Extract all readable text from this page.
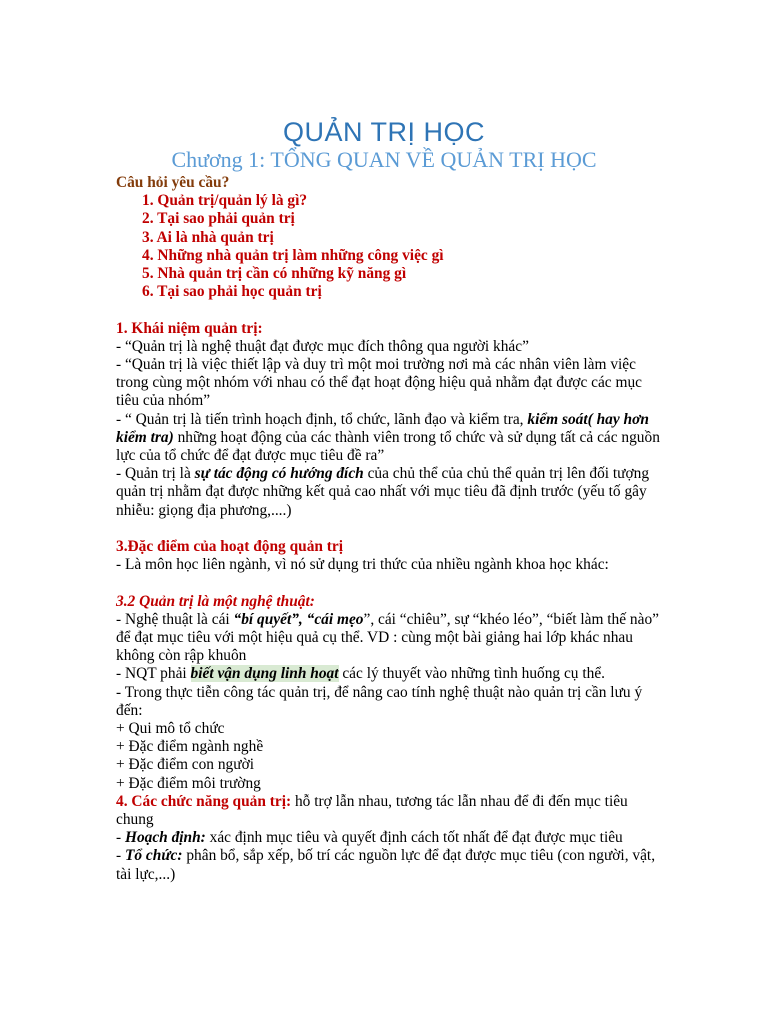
QUẢN TRỊ HỌC
Chương 1: TỔNG QUAN VỀ QUẢN TRỊ HỌC

Câu hỏi yêu cầu?

1. Quản trị/quản lý là gì?
2. Tại sao phải quản trị
3. Ai là nhà quản trị
4. Những nhà quản trị làm những công việc gì
5. Nhà quản trị cần có những kỹ năng gì
6. Tại sao phải học quản trị

1. Khái niệm quản trị:

- “Quản trị là nghệ thuật đạt được mục đích thông qua người khác”

- “Quản trị là việc thiết lập và duy trì một moi trường nơi mà các nhân viên làm việc trong cùng một nhóm với nhau có thể đạt hoạt động hiệu quả nhằm đạt được các mục tiêu của nhóm”

- “ Quản trị là tiến trình hoạch định, tổ chức, lãnh đạo và kiểm tra, kiểm soát( hay hơn kiểm tra) những hoạt động của các thành viên trong tổ chức và sử dụng tất cả các nguồn lực của tổ chức để đạt được mục tiêu đề ra”

- Quản trị là sự tác động có hướng đích của chủ thể của chủ thể quản trị lên đối tượng quản trị nhằm đạt được những kết quả cao nhất với mục tiêu đã định trước (yếu tố gây nhiễu: giọng địa phương,....)

3.Đặc điểm của hoạt động quản trị

- Là môn học liên ngành, vì nó sử dụng tri thức của nhiều ngành khoa học khác:

3.2 Quản trị là một nghệ thuật:

- Nghệ thuật là cái “bí quyết”, “cái mẹo”, cái “chiêu”, sự “khéo léo”, “biết làm thế nào” để đạt mục tiêu với một hiệu quả cụ thể. VD : cùng một bài giảng hai lớp khác nhau không còn rập khuôn

- NQT phải biết vận dụng linh hoạt các lý thuyết vào những tình huống cụ thể.

- Trong thực tiễn công tác quản trị, để nâng cao tính nghệ thuật nào quản trị cần lưu ý đến:

+ Qui mô tổ chức

+ Đặc điểm ngành nghề

+ Đặc điểm con người

+ Đặc điểm môi trường

4. Các chức năng quản trị: hỗ trợ lẫn nhau, tương tác lẫn nhau để đi đến mục tiêu chung

- Hoạch định: xác định mục tiêu và quyết định cách tốt nhất để đạt được mục tiêu

- Tổ chức: phân bổ, sắp xếp, bố trí các nguồn lực để đạt được mục tiêu (con người, vật, tài lực,...)
